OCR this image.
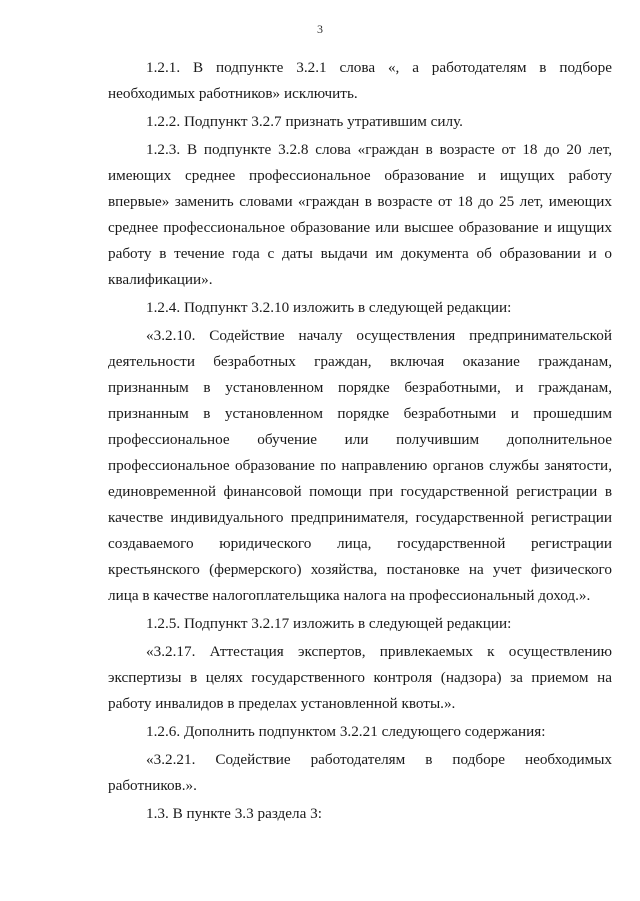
3

1.2.1. В подпункте 3.2.1 слова «, а работодателям в подборе необходимых работников» исключить.

1.2.2. Подпункт 3.2.7 признать утратившим силу.

1.2.3. В подпункте 3.2.8 слова «граждан в возрасте от 18 до 20 лет, имеющих среднее профессиональное образование и ищущих работу впервые» заменить словами «граждан в возрасте от 18 до 25 лет, имеющих среднее профессиональное образование или высшее образование и ищущих работу в течение года с даты выдачи им документа об образовании и о квалификации».

1.2.4. Подпункт 3.2.10 изложить в следующей редакции:

«3.2.10. Содействие началу осуществления предпринимательской деятельности безработных граждан, включая оказание гражданам, признанным в установленном порядке безработными, и гражданам, признанным в установленном порядке безработными и прошедшим профессиональное обучение или получившим дополнительное профессиональное образование по направлению органов службы занятости, единовременной финансовой помощи при государственной регистрации в качестве индивидуального предпринимателя, государственной регистрации создаваемого юридического лица, государственной регистрации крестьянского (фермерского) хозяйства, постановке на учет физического лица в качестве налогоплательщика налога на профессиональный доход.».

1.2.5. Подпункт 3.2.17 изложить в следующей редакции:

«3.2.17. Аттестация экспертов, привлекаемых к осуществлению экспертизы в целях государственного контроля (надзора) за приемом на работу инвалидов в пределах установленной квоты.».

1.2.6. Дополнить подпунктом 3.2.21 следующего содержания:

«3.2.21. Содействие работодателям в подборе необходимых работников.».

1.3. В пункте 3.3 раздела 3:
